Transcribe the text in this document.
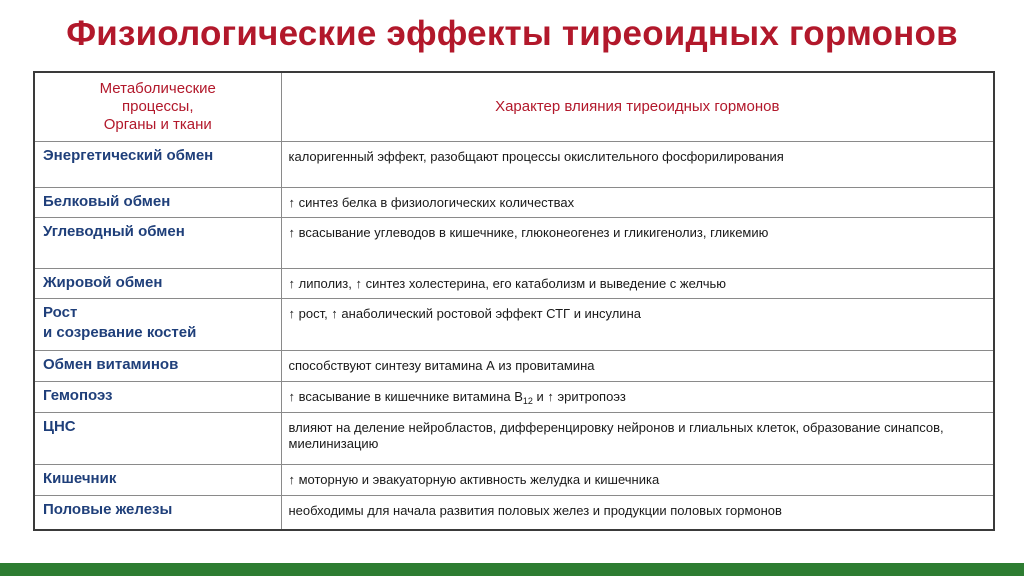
Физиологические эффекты тиреоидных гормонов
Метаболические
процессы,
Органы и ткани	Характер влияния тиреоидных гормонов
Энергетический обмен	калоригенный эффект, разобщают процессы окислительного фосфорилирования
Белковый обмен	↑ синтез белка в физиологических количествах
Углеводный обмен	↑ всасывание углеводов в кишечнике, глюконеогенез и гликигенолиз, гликемию
Жировой обмен	↑ липолиз, ↑ синтез холестерина, его катаболизм и выведение с желчью

Рост
и созревание костей	↑ рост, ↑ анаболический ростовой эффект СТГ и инсулина
Обмен витаминов	способствуют синтезу витамина А из провитамина
Гемопоэз	↑ всасывание в кишечнике витамина $В_{12}$ и ↑ эритропоэз
ЦНС	влияют на деление нейробластов, дифференцировку нейронов и глиальных клеток, образование синапсов, миелинизацию
Кишечник	↑ моторную и эвакуаторную активность желудка и кишечника
Половые железы	необходимы для начала развития половых желез и продукции половых гормонов
